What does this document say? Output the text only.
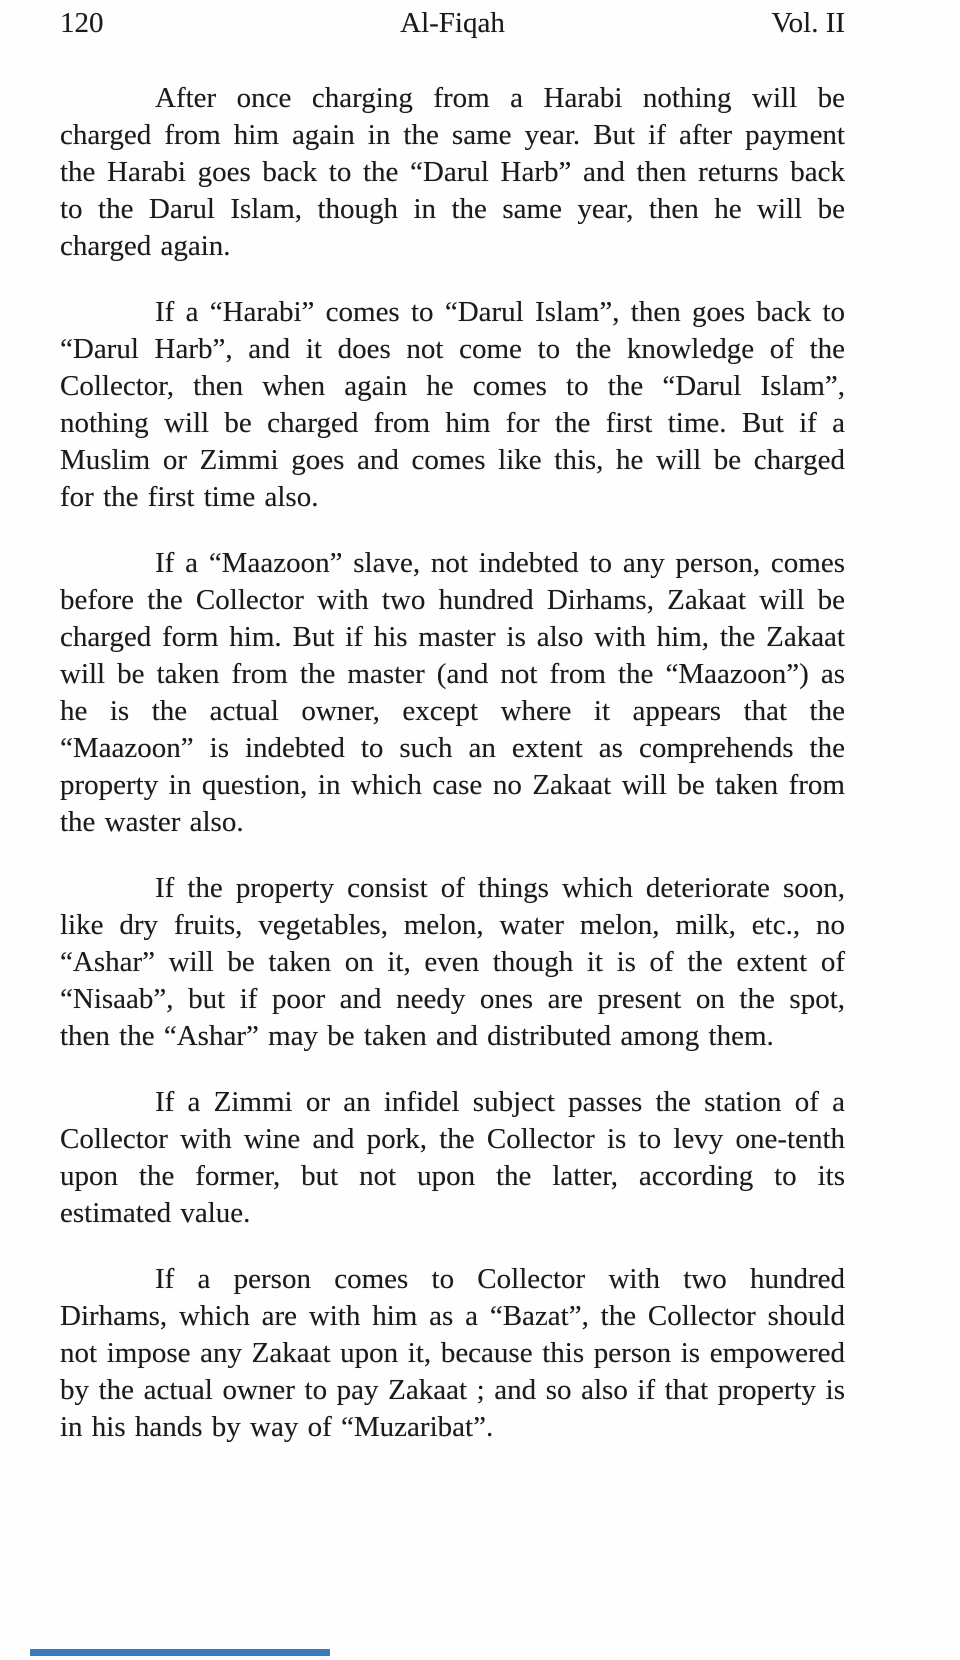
120	Al-Fiqah	Vol. II

After once charging from a Harabi nothing will be charged from him again in the same year. But if after payment the Harabi goes back to the “Darul Harb” and then returns back to the Darul Islam, though in the same year, then he will be charged again.

If a “Harabi” comes to “Darul Islam”, then goes back to “Darul Harb”, and it does not come to the knowledge of the Collector, then when again he comes to the “Darul Islam”, nothing will be charged from him for the first time. But if a Muslim or Zimmi goes and comes like this, he will be charged for the first time also.

If a “Maazoon” slave, not indebted to any person, comes before the Collector with two hundred Dirhams, Zakaat will be charged form him. But if his master is also with him, the Zakaat will be taken from the master (and not from the “Maazoon”) as he is the actual owner, except where it appears that the “Maazoon” is indebted to such an extent as comprehends the property in question, in which case no Zakaat will be taken from the waster also.

If the property consist of things which deteriorate soon, like dry fruits, vegetables, melon, water melon, milk, etc., no “Ashar” will be taken on it, even though it is of the extent of “Nisaab”, but if poor and needy ones are present on the spot, then the “Ashar” may be taken and distributed among them.

If a Zimmi or an infidel subject passes the station of a Collector with wine and pork, the Collector is to levy one-tenth upon the former, but not upon the latter, according to its estimated value.

If a person comes to Collector with two hundred Dirhams, which are with him as a “Bazat”, the Collector should not impose any Zakaat upon it, because this person is empowered by the actual owner to pay Zakaat ; and so also if that property is in his hands by way of “Muzaribat”.
